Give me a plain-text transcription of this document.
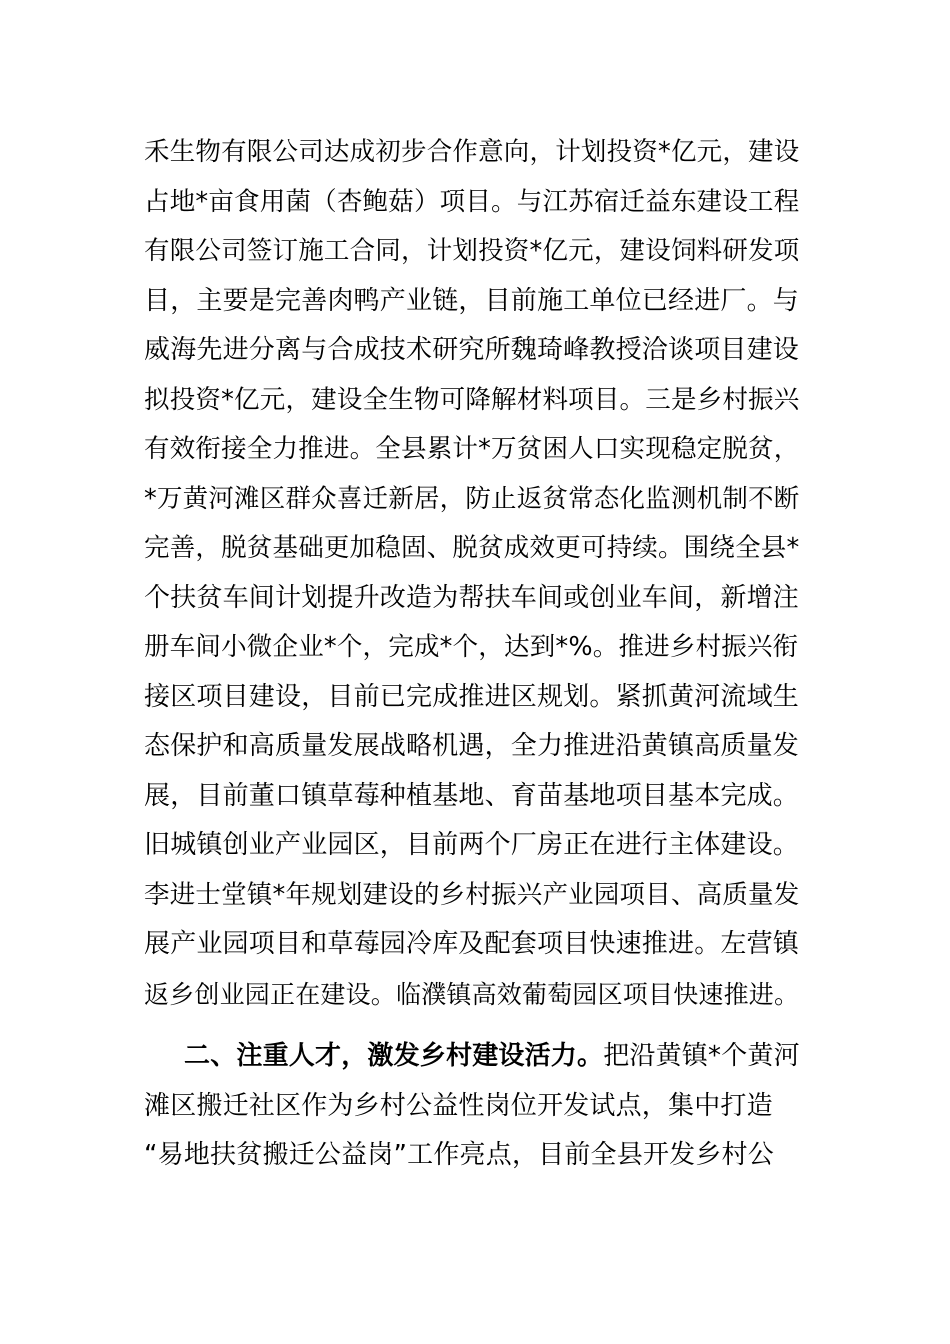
禾生物有限公司达成初步合作意向，计划投资*亿元，建设
占地*亩食用菌（杏鲍菇）项目。与江苏宿迁益东建设工程
有限公司签订施工合同，计划投资*亿元，建设饲料研发项
目，主要是完善肉鸭产业链，目前施工单位已经进厂。与
威海先进分离与合成技术研究所魏琦峰教授洽谈项目建设
拟投资*亿元，建设全生物可降解材料项目。三是乡村振兴
有效衔接全力推进。全县累计*万贫困人口实现稳定脱贫，
*万黄河滩区群众喜迁新居，防止返贫常态化监测机制不断
完善，脱贫基础更加稳固、脱贫成效更可持续。围绕全县*
个扶贫车间计划提升改造为帮扶车间或创业车间，新增注
册车间小微企业*个，完成*个，达到*%。推进乡村振兴衔
接区项目建设，目前已完成推进区规划。紧抓黄河流域生
态保护和高质量发展战略机遇，全力推进沿黄镇高质量发
展，目前董口镇草莓种植基地、育苗基地项目基本完成。
旧城镇创业产业园区，目前两个厂房正在进行主体建设。
李进士堂镇*年规划建设的乡村振兴产业园项目、高质量发
展产业园项目和草莓园冷库及配套项目快速推进。左营镇
返乡创业园正在建设。临濮镇高效葡萄园区项目快速推进。
二、注重人才，激发乡村建设活力。把沿黄镇*个黄河
滩区搬迁社区作为乡村公益性岗位开发试点，集中打造
“易地扶贫搬迁公益岗”工作亮点，目前全县开发乡村公
